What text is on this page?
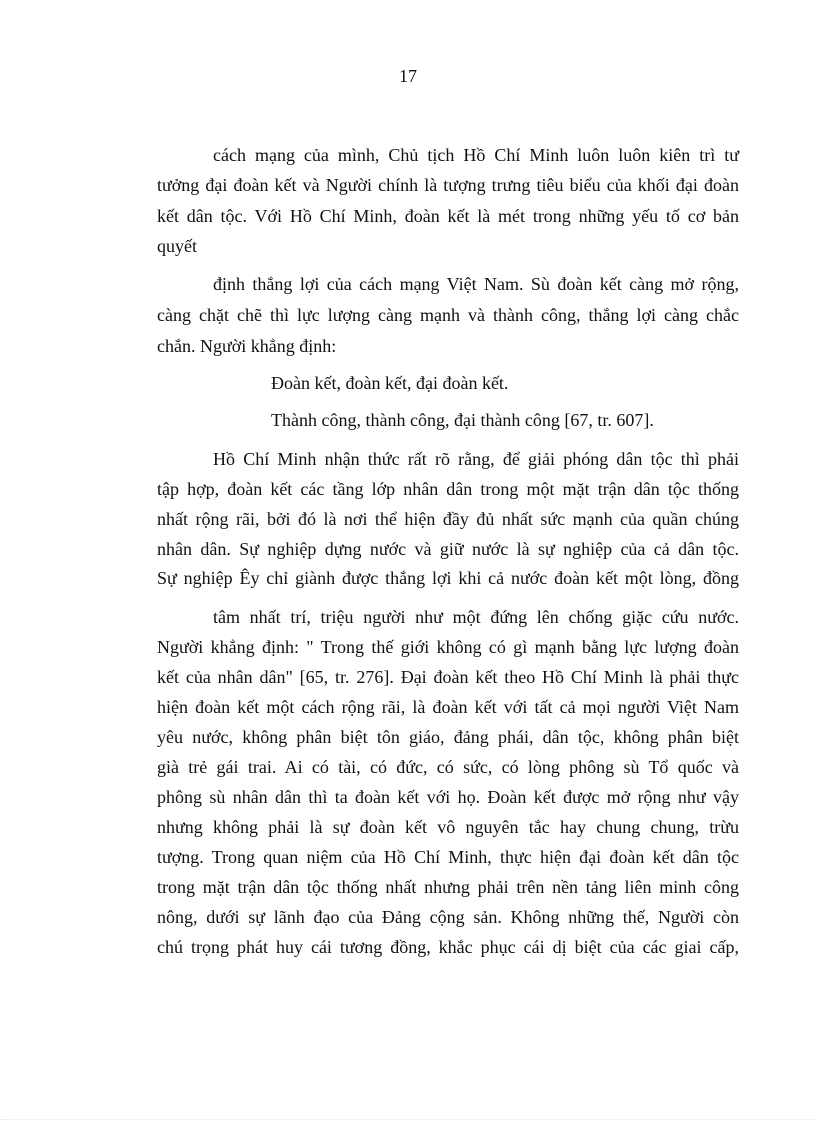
17
cách mạng của mình, Chủ tịch Hồ Chí Minh luôn luôn kiên trì tư
tưởng đại đoàn kết và Người chính là tượng trưng tiêu biểu của khối đại đoàn
kết dân tộc. Với Hồ Chí Minh, đoàn kết là mét trong những yếu tố cơ bản
quyết
định thắng lợi của cách mạng Việt Nam. Sù đoàn kết càng mở rộng,
càng chặt chẽ thì lực lượng càng mạnh và thành công, thắng lợi càng chắc
chắn. Người khẳng định:
Đoàn kết, đoàn kết, đại đoàn kết.
Thành công, thành công, đại thành công [67, tr. 607].
Hồ Chí Minh nhận thức rất rõ rằng, để giải phóng dân tộc thì phải
tập hợp, đoàn kết các tầng lớp nhân dân trong một mặt trận dân tộc thống
nhất rộng rãi, bởi đó là nơi thể hiện đầy đủ nhất sức mạnh của quần chúng
nhân dân. Sự nghiệp dựng nước và giữ nước là sự nghiệp của cả dân tộc.
Sự nghiệp Êy chỉ giành được thắng lợi khi cả nước đoàn kết một lòng, đồng
tâm nhất trí, triệu người như một đứng lên chống giặc cứu nước.
Người khẳng định: " Trong thế giới không có gì mạnh bằng lực lượng đoàn
kết của nhân dân" [65, tr. 276]. Đại đoàn kết theo Hồ Chí Minh là phải thực
hiện đoàn kết một cách rộng rãi, là đoàn kết với tất cả mọi người Việt Nam
yêu nước, không phân biệt tôn giáo, đảng phái, dân tộc, không phân biệt
già trẻ gái trai. Ai có tài, có đức, có sức, có lòng phông sù Tổ quốc và
phông sù nhân dân thì ta đoàn kết với họ. Đoàn kết được mở rộng như vậy
nhưng không phải là sự đoàn kết vô nguyên tắc hay chung chung, trừu
tượng. Trong quan niệm của Hồ Chí Minh, thực hiện đại đoàn kết dân tộc
trong mặt trận dân tộc thống nhất nhưng phải trên nền tảng liên minh công
nông, dưới sự lãnh đạo của Đảng cộng sản. Không những thế, Người còn
chú trọng phát huy cái tương đồng, khắc phục cái dị biệt của các giai cấp,
